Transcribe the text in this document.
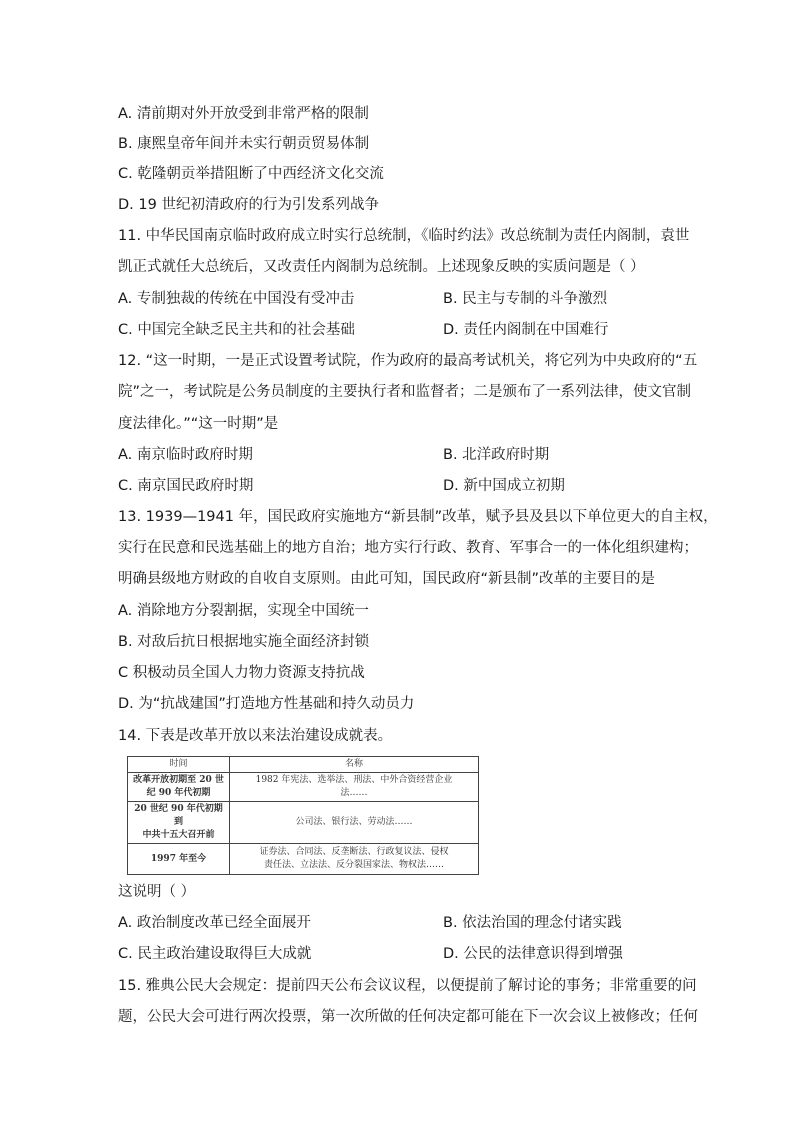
A. 清前期对外开放受到非常严格的限制
B. 康熙皇帝年间并未实行朝贡贸易体制
C. 乾隆朝贡举措阻断了中西经济文化交流
D. 19 世纪初清政府的行为引发系列战争
11. 中华民国南京临时政府成立时实行总统制，《临时约法》改总统制为责任内阁制，袁世
凯正式就任大总统后，又改责任内阁制为总统制。上述现象反映的实质问题是（ ）
A. 专制独裁的传统在中国没有受冲击	B. 民主与专制的斗争激烈
C. 中国完全缺乏民主共和的社会基础	D. 责任内阁制在中国难行
12. “这一时期，一是正式设置考试院，作为政府的最高考试机关，将它列为中央政府的“五
院”之一，考试院是公务员制度的主要执行者和监督者；二是颁布了一系列法律，使文官制
度法律化。”“这一时期”是
A. 南京临时政府时期	B. 北洋政府时期
C. 南京国民政府时期	D. 新中国成立初期
13. 1939—1941 年，国民政府实施地方“新县制”改革，赋予县及县以下单位更大的自主权，
实行在民意和民选基础上的地方自治；地方实行行政、教育、军事合一的一体化组织建构；
明确县级地方财政的自收自支原则。由此可知，国民政府“新县制”改革的主要目的是
A. 消除地方分裂割据，实现全中国统一
B. 对敌后抗日根据地实施全面经济封锁
C 积极动员全国人力物力资源支持抗战
D. 为“抗战建国”打造地方性基础和持久动员力
14. 下表是改革开放以来法治建设成就表。
时间	名称
改革开放初期至 20 世
纪 90 年代初期	1982 年宪法、选举法、刑法、中外合资经营企业
法……
20 世纪 90 年代初期到
中共十五大召开前	公司法、银行法、劳动法……
1997 年至今	证券法、合同法、反垄断法、行政复议法、侵权
责任法、立法法、反分裂国家法、物权法……
这说明（ ）
A. 政治制度改革已经全面展开	B. 依法治国的理念付诸实践
C. 民主政治建设取得巨大成就	D. 公民的法律意识得到增强
15. 雅典公民大会规定：提前四天公布会议议程，以便提前了解讨论的事务；非常重要的问
题，公民大会可进行两次投票，第一次所做的任何决定都可能在下一次会议上被修改；任何
